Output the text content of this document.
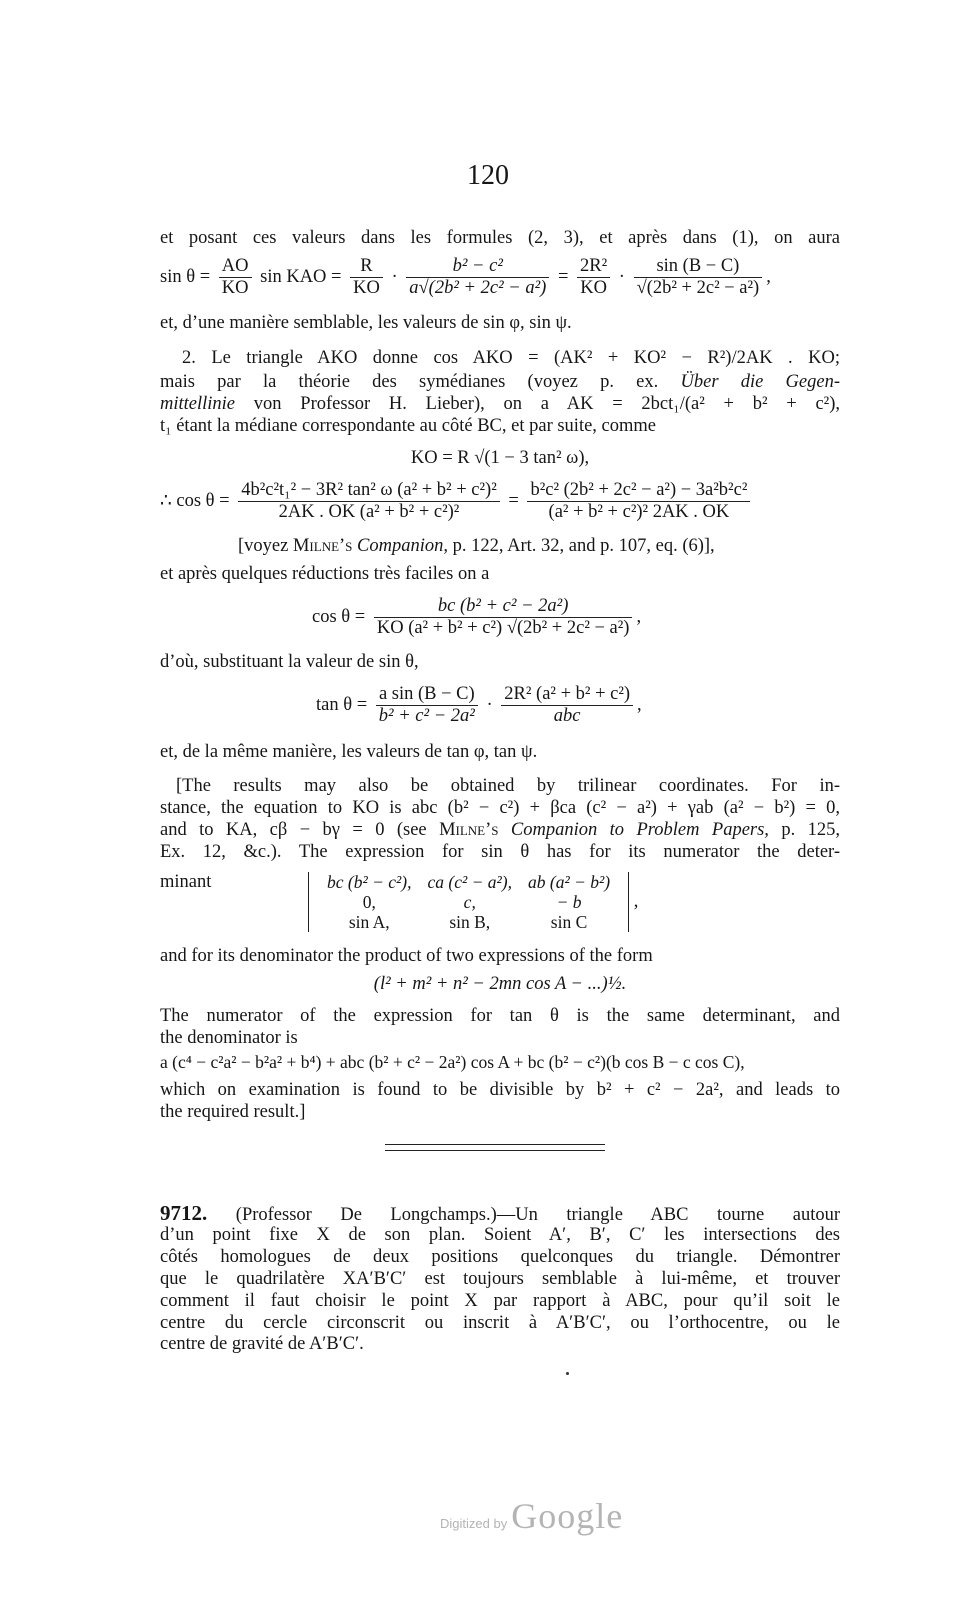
120
et posant ces valeurs dans les formules (2, 3), et après dans (1), on aura
$\sin \theta = \frac{AO}{KO}$ sin KAO = $\frac{R}{KO} \cdot \frac{\text{b² − c²}}{\text{a√(2b² + 2c² − a²)}} = \frac{\text{2R²}}{KO} \cdot \frac{\sin (B - C)}{\text{√(2b² + 2c² − a²)}}$ ,
et, d’une manière semblable, les valeurs de sin φ, sin ψ.
2. Le triangle AKO donne cos AKO = (AK² + KO² − R²)/2AK . KO;
mais par la théorie des symédianes (voyez p. ex. Über die Gegen-
mittellinie von Professor H. Lieber), on a AK = 2bct₁/(a² + b² + c²),
t₁ étant la médiane correspondante au côté BC, et par suite, comme
KO = R √(1 − 3 tan² ω),
∴ $\cos \theta = \frac{\text{4b²c²t₁² − 3R² tan² ω (a² + b² + c²)²}}{\text{2AK . OK (a² + b² + c²)²}} = \frac{\text{b²c² (2b² + 2c² − a²) − 3a²b²c²}}{\text{(a² + b² + c²)² 2AK . OK}}$
[voyez Milne’s Companion, p. 122, Art. 32, and p. 107, eq. (6)],
et après quelques réductions très faciles on a
$\cos \theta = \frac{\text{bc (b² + c² − 2a²)}}{\text{KO (a² + b² + c²) √(2b² + 2c² − a²)}}$ ,
d’où, substituant la valeur de sin θ,
$\tan \theta = \frac{\text{a sin (B − C)}}{\text{b² + c² − 2a²}} \cdot \frac{\text{2R² (a² + b² + c²)}}{\text{abc}}$ ,
et, de la même manière, les valeurs de tan φ, tan ψ.
[The results may also be obtained by trilinear coordinates. For in-
stance, the equation to KO is abc (b² − c²) + βca (c² − a²) + γab (a² − b²) = 0,
and to KA, cβ − bγ = 0 (see Milne’s Companion to Problem Papers, p. 125,
Ex. 12, &c.). The expression for sin θ has for its numerator the deter-
minant	bc (b² − c²),	ca (c² − a²),	ab (a² − b²)
0,	c,	− b
sin A,	sin B,	sin C
,
and for its denominator the product of two expressions of the form
(l² + m² + n² − 2mn cos A − ...)½.
The numerator of the expression for tan θ is the same determinant, and
the denominator is
a (c⁴ − c²a² − b²a² + b⁴) + abc (b² + c² − 2a²) cos A + bc (b² − c²)(b cos B − c cos C),
which on examination is found to be divisible by b² + c² − 2a², and leads to
the required result.]
9712. (Professor De Longchamps.)—Un triangle ABC tourne autour
d’un point fixe X de son plan. Soient A′, B′, C′ les intersections des
côtés homologues de deux positions quelconques du triangle. Démontrer
que le quadrilatère XA′B′C′ est toujours semblable à lui-même, et trouver
comment il faut choisir le point X par rapport à ABC, pour qu’il soit le
centre du cercle circonscrit ou inscrit à A′B′C′, ou l’orthocentre, ou le
centre de gravité de A′B′C′.
Digitized by Google
